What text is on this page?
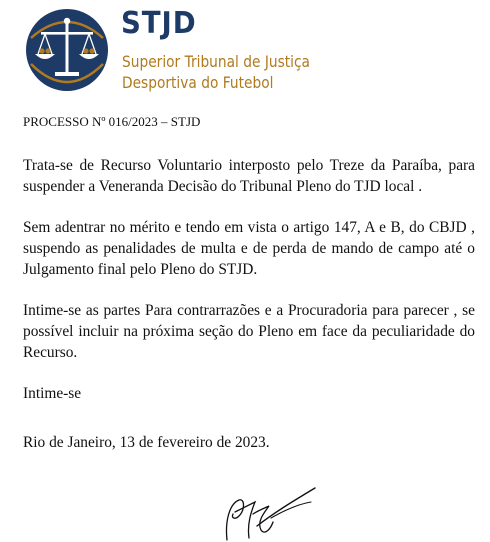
STJD
Superior Tribunal de Justiça
Desportiva do Futebol

PROCESSO Nº 016/2023 – STJD

Trata-se de Recurso Voluntario interposto pelo Treze da Paraíba, para suspender a Veneranda Decisão do Tribunal Pleno do TJD local .

Sem adentrar no mérito e tendo em vista o artigo 147, A e B, do CBJD , suspendo as penalidades de multa e de perda de mando de campo até o Julgamento final pelo Pleno do STJD.

Intime-se as partes Para contrarrazões e a Procuradoria para parecer , se possível incluir na próxima seção do Pleno em face da peculiaridade do Recurso.

Intime-se

Rio de Janeiro, 13 de fevereiro de 2023.
